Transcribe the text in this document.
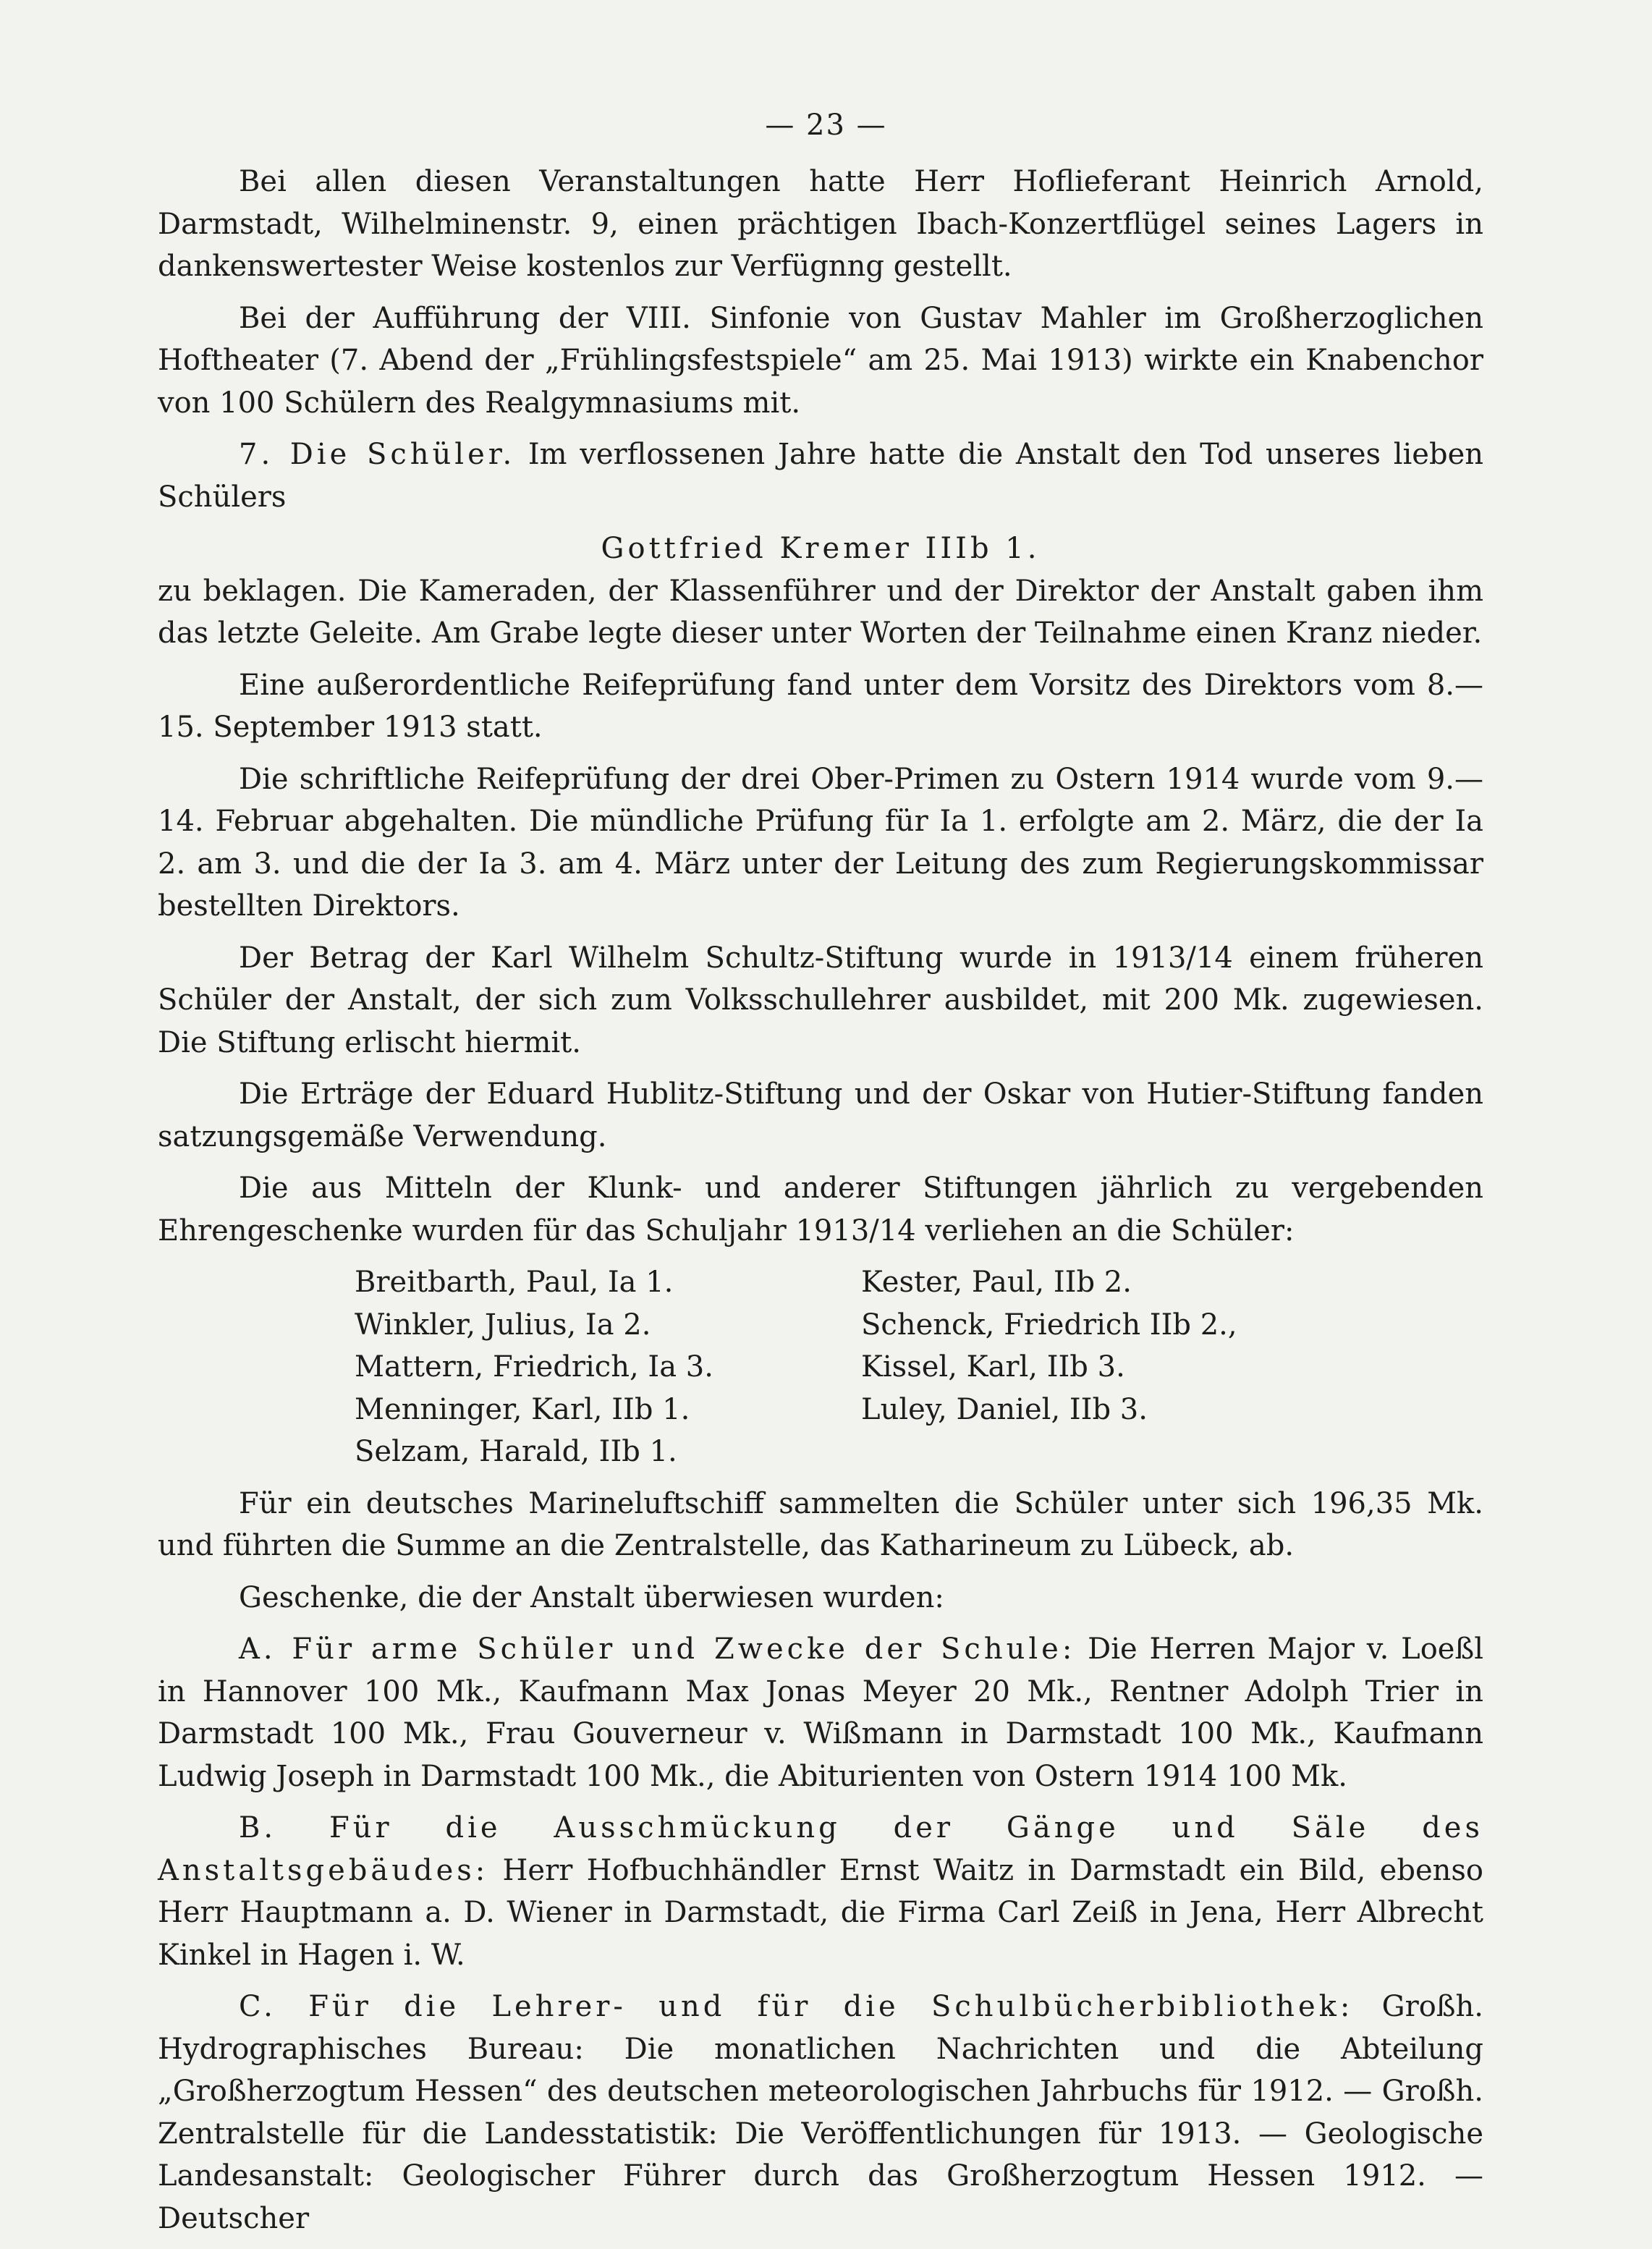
— 23 —

Bei allen diesen Veranstaltungen hatte Herr Hoflieferant Heinrich Arnold, Darmstadt, Wilhelminenstr. 9, einen prächtigen Ibach-Konzertflügel seines Lagers in dankenswertester Weise kostenlos zur Verfügnng gestellt.

Bei der Aufführung der VIII. Sinfonie von Gustav Mahler im Großherzoglichen Hoftheater (7. Abend der „Frühlingsfestspiele“ am 25. Mai 1913) wirkte ein Knabenchor von 100 Schülern des Realgymnasiums mit.

7. Die Schüler. Im verflossenen Jahre hatte die Anstalt den Tod unseres lieben Schülers

Gottfried Kremer IIIb 1.

zu beklagen. Die Kameraden, der Klassenführer und der Direktor der Anstalt gaben ihm das letzte Geleite. Am Grabe legte dieser unter Worten der Teilnahme einen Kranz nieder.

Eine außerordentliche Reifeprüfung fand unter dem Vorsitz des Direktors vom 8.—15. September 1913 statt.

Die schriftliche Reifeprüfung der drei Ober-Primen zu Ostern 1914 wurde vom 9.—14. Februar abgehalten. Die mündliche Prüfung für Ia 1. erfolgte am 2. März, die der Ia 2. am 3. und die der Ia 3. am 4. März unter der Leitung des zum Regierungskommissar bestellten Direktors.

Der Betrag der Karl Wilhelm Schultz-Stiftung wurde in 1913/14 einem früheren Schüler der Anstalt, der sich zum Volksschullehrer ausbildet, mit 200 Mk. zugewiesen. Die Stiftung erlischt hiermit.

Die Erträge der Eduard Hublitz-Stiftung und der Oskar von Hutier-Stiftung fanden satzungsgemäße Verwendung.

Die aus Mitteln der Klunk- und anderer Stiftungen jährlich zu vergebenden Ehrengeschenke wurden für das Schuljahr 1913/14 verliehen an die Schüler:

Breitbarth, Paul, Ia 1.	Kester, Paul, IIb 2.
Winkler, Julius, Ia 2.	Schenck, Friedrich IIb 2.,
Mattern, Friedrich, Ia 3.	Kissel, Karl, IIb 3.
Menninger, Karl, IIb 1.	Luley, Daniel, IIb 3.
Selzam, Harald, IIb 1.

Für ein deutsches Marineluftschiff sammelten die Schüler unter sich 196,35 Mk. und führten die Summe an die Zentralstelle, das Katharineum zu Lübeck, ab.

Geschenke, die der Anstalt überwiesen wurden:

A. Für arme Schüler und Zwecke der Schule: Die Herren Major v. Loeßl in Hannover 100 Mk., Kaufmann Max Jonas Meyer 20 Mk., Rentner Adolph Trier in Darmstadt 100 Mk., Frau Gouverneur v. Wißmann in Darmstadt 100 Mk., Kaufmann Ludwig Joseph in Darmstadt 100 Mk., die Abiturienten von Ostern 1914 100 Mk.

B. Für die Ausschmückung der Gänge und Säle des Anstaltsgebäudes: Herr Hofbuchhändler Ernst Waitz in Darmstadt ein Bild, ebenso Herr Hauptmann a. D. Wiener in Darmstadt, die Firma Carl Zeiß in Jena, Herr Albrecht Kinkel in Hagen i. W.

C. Für die Lehrer- und für die Schulbücherbibliothek: Großh. Hydrographisches Bureau: Die monatlichen Nachrichten und die Abteilung „Großherzogtum Hessen“ des deutschen meteorologischen Jahrbuchs für 1912. — Großh. Zentralstelle für die Landesstatistik: Die Veröffentlichungen für 1913. — Geologische Landesanstalt: Geologischer Führer durch das Großherzogtum Hessen 1912. — Deutscher
